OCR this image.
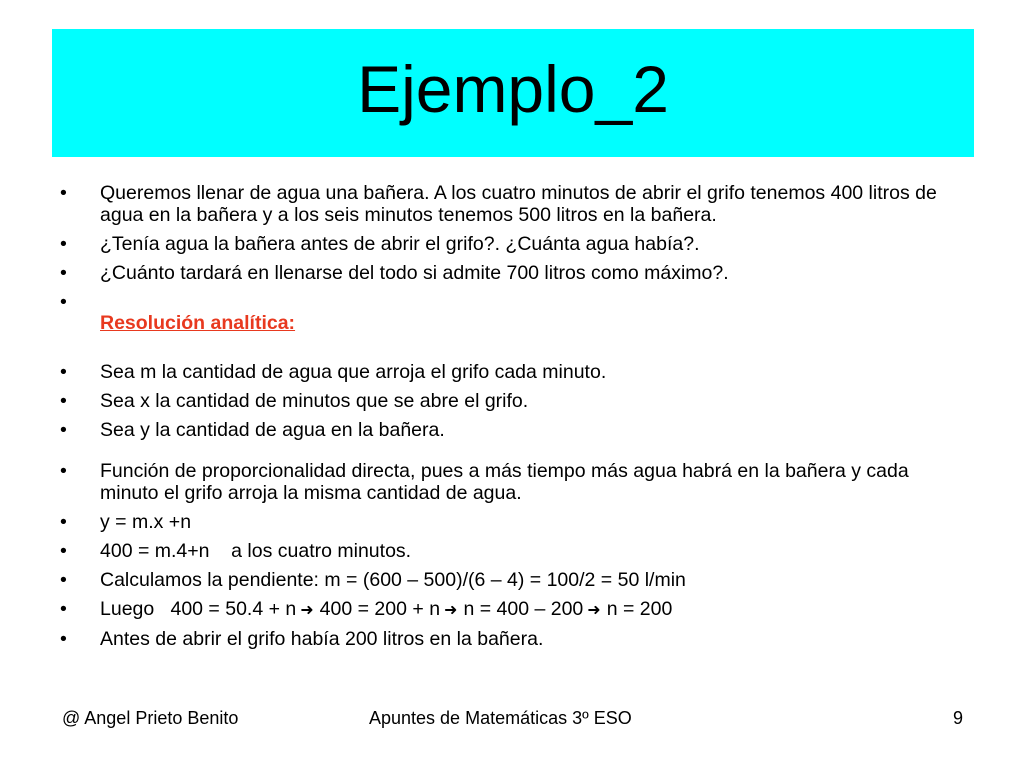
Ejemplo_2
• Queremos llenar de agua una bañera. A los cuatro minutos de abrir el grifo tenemos 400 litros de agua en la bañera y a los seis minutos tenemos 500 litros en la bañera.
• ¿Tenía agua la bañera antes de abrir el grifo?. ¿Cuánta agua había?.
• ¿Cuánto tardará en llenarse del todo si admite 700 litros como máximo?.
• Resolución analítica:
• Sea m la cantidad de agua que arroja el grifo cada minuto.
• Sea x la cantidad de minutos que se abre el grifo.
• Sea y la cantidad de agua en la bañera.
• Función de proporcionalidad directa, pues a más tiempo más agua habrá en la bañera y cada minuto el grifo arroja la misma cantidad de agua.
• y = m.x +n
• 400 = m.4+n    a los cuatro minutos.
• Calculamos la pendiente: m = (600 – 500)/(6 – 4) = 100/2 = 50 l/min
• Luego   400 = 50.4 + n ➜ 400 = 200 + n ➜ n = 400 – 200 ➜ n = 200
• Antes de abrir el grifo había 200 litros en la bañera.
@ Angel Prieto Benito	Apuntes de Matemáticas 3º ESO	9
